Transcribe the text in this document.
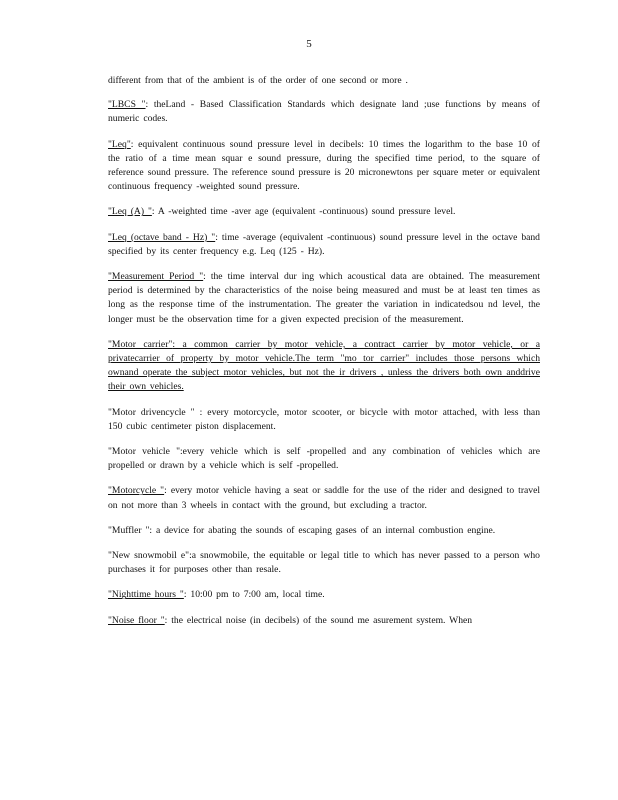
5

different from that of the ambient is of the order of one second or more .

"LBCS ": theLand - Based Classification Standards which designate land ;use functions by means of numeric codes.

"Leq": equivalent continuous sound pressure level in decibels: 10 times the logarithm to the base 10 of the ratio of a time mean squar e sound pressure, during the specified time period, to the square of reference sound pressure. The reference sound pressure is 20 micronewtons per square meter or equivalent continuous frequency -weighted sound pressure.

"Leq (A) ": A -weighted time -aver age (equivalent -continuous) sound pressure level.

"Leq (octave band - Hz) ": time -average (equivalent -continuous) sound pressure level in the octave band specified by its center frequency e.g. Leq (125 - Hz).

"Measurement Period ": the time interval dur ing which acoustical data are obtained. The measurement period is determined by the characteristics of the noise being measured and must be at least ten times as long as the response time of the instrumentation. The greater the variation in indicatedsou nd level, the longer must be the observation time for a given expected precision of the measurement.

"Motor carrier": a common carrier by motor vehicle, a contract carrier by motor vehicle, or a privatecarrier of property by motor vehicle.The term "mo tor carrier" includes those persons which ownand operate the subject motor vehicles, but not the ir drivers , unless the drivers both own anddrive their own vehicles.

"Motor drivencycle " : every motorcycle, motor scooter, or bicycle with motor attached, with less than 150 cubic centimeter piston displacement.

"Motor vehicle ":every vehicle which is self -propelled and any combination of vehicles which are propelled or drawn by a vehicle which is self -propelled.

"Motorcycle ": every motor vehicle having a seat or saddle for the use of the rider and designed to travel on not more than 3 wheels in contact with the ground, but excluding a tractor.

"Muffler ": a device for abating the sounds of escaping gases of an internal combustion engine.

"New snowmobil e":a snowmobile, the equitable or legal title to which has never passed to a person who purchases it for purposes other than resale.

"Nighttime hours ": 10:00 pm to 7:00 am, local time.

"Noise floor ": the electrical noise (in decibels) of the sound me asurement system. When
